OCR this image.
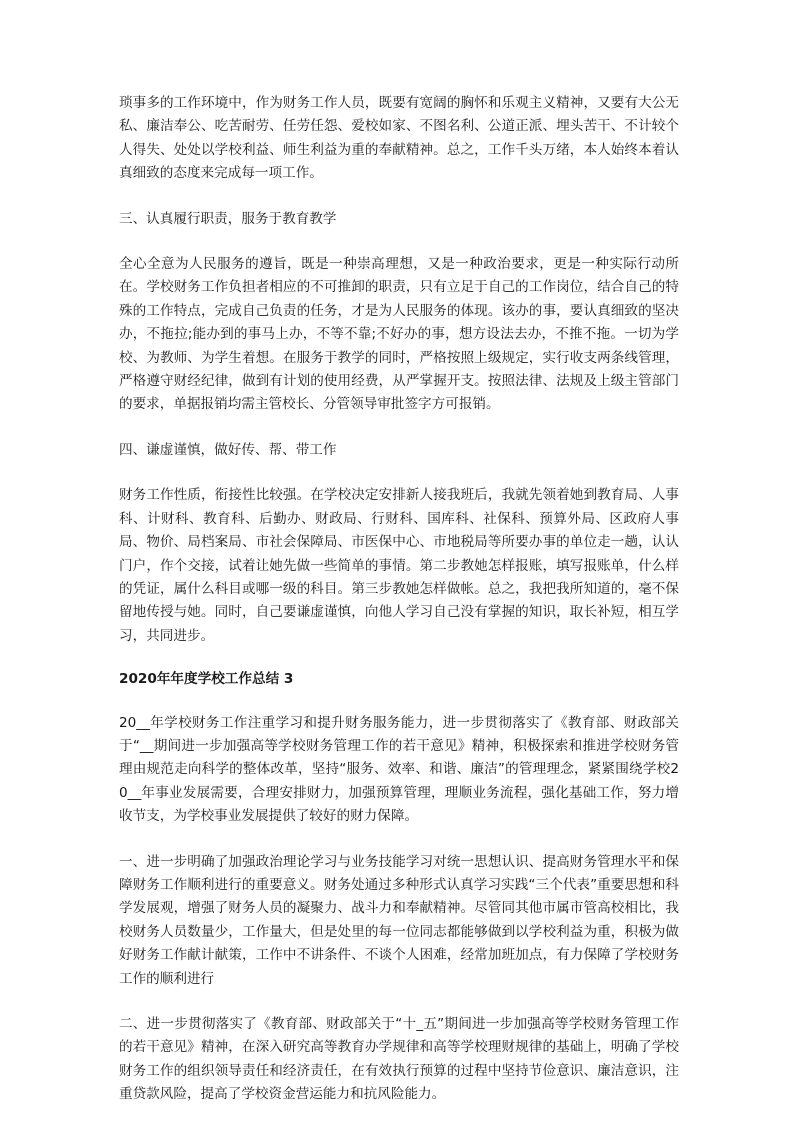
琐事多的工作环境中，作为财务工作人员，既要有宽阔的胸怀和乐观主义精神，又要有大公无私、廉洁奉公、吃苦耐劳、任劳任怨、爱校如家、不图名利、公道正派、埋头苦干、不计较个人得失、处处以学校利益、师生利益为重的奉献精神。总之，工作千头万绪，本人始终本着认真细致的态度来完成每一项工作。

三、认真履行职责，服务于教育教学

全心全意为人民服务的遵旨，既是一种崇高理想，又是一种政治要求，更是一种实际行动所在。学校财务工作负担者相应的不可推卸的职责，只有立足于自己的工作岗位，结合自己的特殊的工作特点，完成自己负责的任务，才是为人民服务的体现。该办的事，要认真细致的坚决办，不拖拉;能办到的事马上办，不等不靠;不好办的事，想方设法去办，不推不拖。一切为学校、为教师、为学生着想。在服务于教学的同时，严格按照上级规定，实行收支两条线管理，严格遵守财经纪律，做到有计划的使用经费，从严掌握开支。按照法律、法规及上级主管部门的要求，单据报销均需主管校长、分管领导审批签字方可报销。

四、谦虚谨慎，做好传、帮、带工作

财务工作性质，衔接性比较强。在学校决定安排新人接我班后，我就先领着她到教育局、人事科、计财科、教育科、后勤办、财政局、行财科、国库科、社保科、预算外局、区政府人事局、物价、局档案局、市社会保障局、市医保中心、市地税局等所要办事的单位走一趟，认认门户，作个交接，试着让她先做一些简单的事情。第二步教她怎样报账，填写报账单，什么样的凭证，属什么科目或哪一级的科目。第三步教她怎样做帐。总之，我把我所知道的，毫不保留地传授与她。同时，自己要谦虚谨慎，向他人学习自己没有掌握的知识，取长补短，相互学习，共同进步。

2020年年度学校工作总结 3

20__年学校财务工作注重学习和提升财务服务能力，进一步贯彻落实了《教育部、财政部关于“__期间进一步加强高等学校财务管理工作的若干意见》精神，积极探索和推进学校财务管理由规范走向科学的整体改革，坚持“服务、效率、和谐、廉洁”的管理理念，紧紧围绕学校20__年事业发展需要，合理安排财力，加强预算管理，理顺业务流程，强化基础工作，努力增收节支，为学校事业发展提供了较好的财力保障。

一、进一步明确了加强政治理论学习与业务技能学习对统一思想认识、提高财务管理水平和保障财务工作顺利进行的重要意义。财务处通过多种形式认真学习实践“三个代表”重要思想和科学发展观，增强了财务人员的凝聚力、战斗力和奉献精神。尽管同其他市属市管高校相比，我校财务人员数量少，工作量大，但是处里的每一位同志都能够做到以学校利益为重，积极为做好财务工作献计献策，工作中不讲条件、不谈个人困难，经常加班加点，有力保障了学校财务工作的顺利进行

二、进一步贯彻落实了《教育部、财政部关于“十_五”期间进一步加强高等学校财务管理工作的若干意见》精神，在深入研究高等教育办学规律和高等学校理财规律的基础上，明确了学校财务工作的组织领导责任和经济责任，在有效执行预算的过程中坚持节俭意识、廉洁意识，注重贷款风险，提高了学校资金营运能力和抗风险能力。
